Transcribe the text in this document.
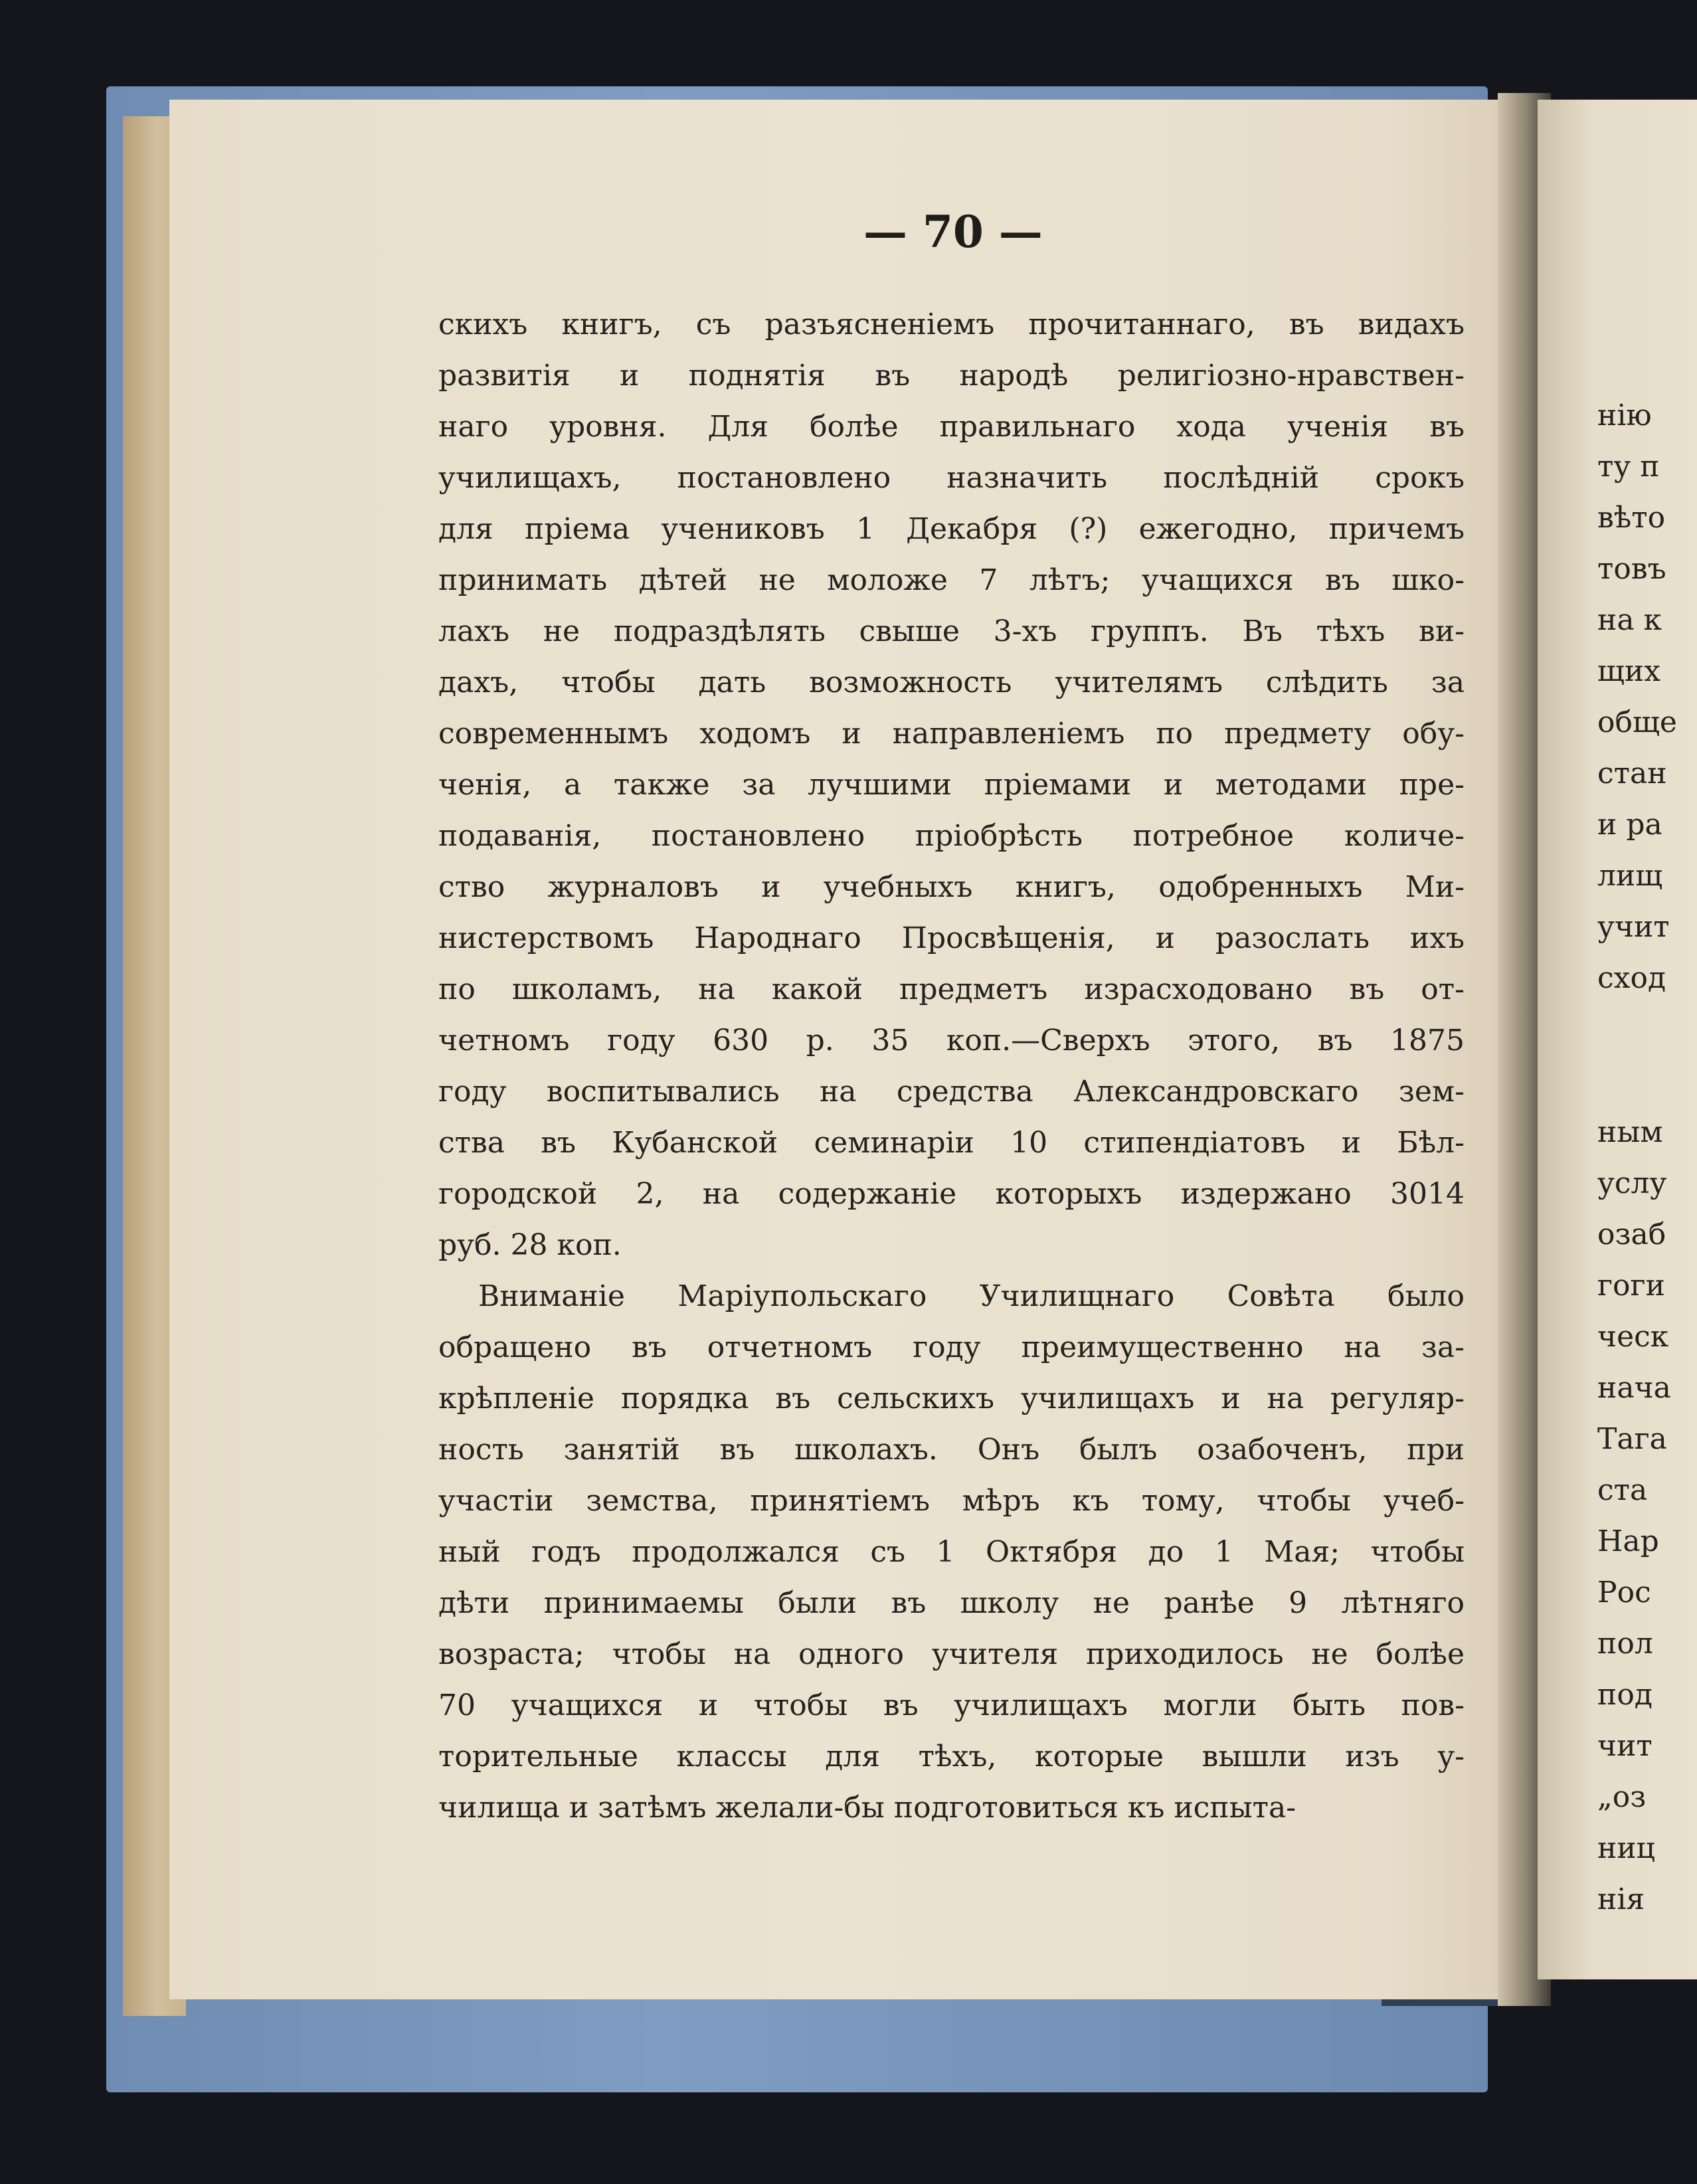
нiю
ту п
вѣто
товъ
на к
щих
обще
стан
и ра
лищ
учит
сход
ным
услу
озаб
гоги
ческ
нача
Тага
ста
Нар
Рос
пол
под
чит
„оз
ниц
нiя
— 70 —
скихъ книгъ, съ разъясненiемъ прочитаннаго, въ видахъ
развитiя и поднятiя въ народѣ религiозно-нравствен-
наго уровня. Для болѣе правильнаго хода ученiя въ
училищахъ, постановлено назначить послѣднiй срокъ
для прiема учениковъ 1 Декабря (?) ежегодно, причемъ
принимать дѣтей не моложе 7 лѣтъ; учащихся въ шко-
лахъ не подраздѣлять свыше 3-хъ группъ. Въ тѣхъ ви-
дахъ, чтобы дать возможность учителямъ слѣдить за
современнымъ ходомъ и направленiемъ по предмету обу-
ченiя, а также за лучшими прiемами и методами пре-
подаванiя, постановлено прiобрѣсть потребное количе-
ство журналовъ и учебныхъ книгъ, одобренныхъ Ми-
нистерствомъ Народнаго Просвѣщенiя, и разослать ихъ
по школамъ, на какой предметъ израсходовано въ от-
четномъ году 630 р. 35 коп.—Сверхъ этого, въ 1875
году воспитывались на средства Александровскаго зем-
ства въ Кубанской семинарiи 10 стипендiатовъ и Бѣл-
городской 2, на содержанiе которыхъ издержано 3014
руб. 28 коп.
Вниманiе Марiупольскаго Училищнаго Совѣта было
обращено въ отчетномъ году преимущественно на за-
крѣпленiе порядка въ сельскихъ училищахъ и на регуляр-
ность занятiй въ школахъ. Онъ былъ озабоченъ, при
участiи земства, принятiемъ мѣръ къ тому, чтобы учеб-
ный годъ продолжался съ 1 Октября до 1 Мая; чтобы
дѣти принимаемы были въ школу не ранѣе 9 лѣтняго
возраста; чтобы на одного учителя приходилось не болѣе
70 учащихся и чтобы въ училищахъ могли быть пов-
торительные классы для тѣхъ, которые вышли изъ у-
чилища и затѣмъ желали-бы подготовиться къ испыта-
